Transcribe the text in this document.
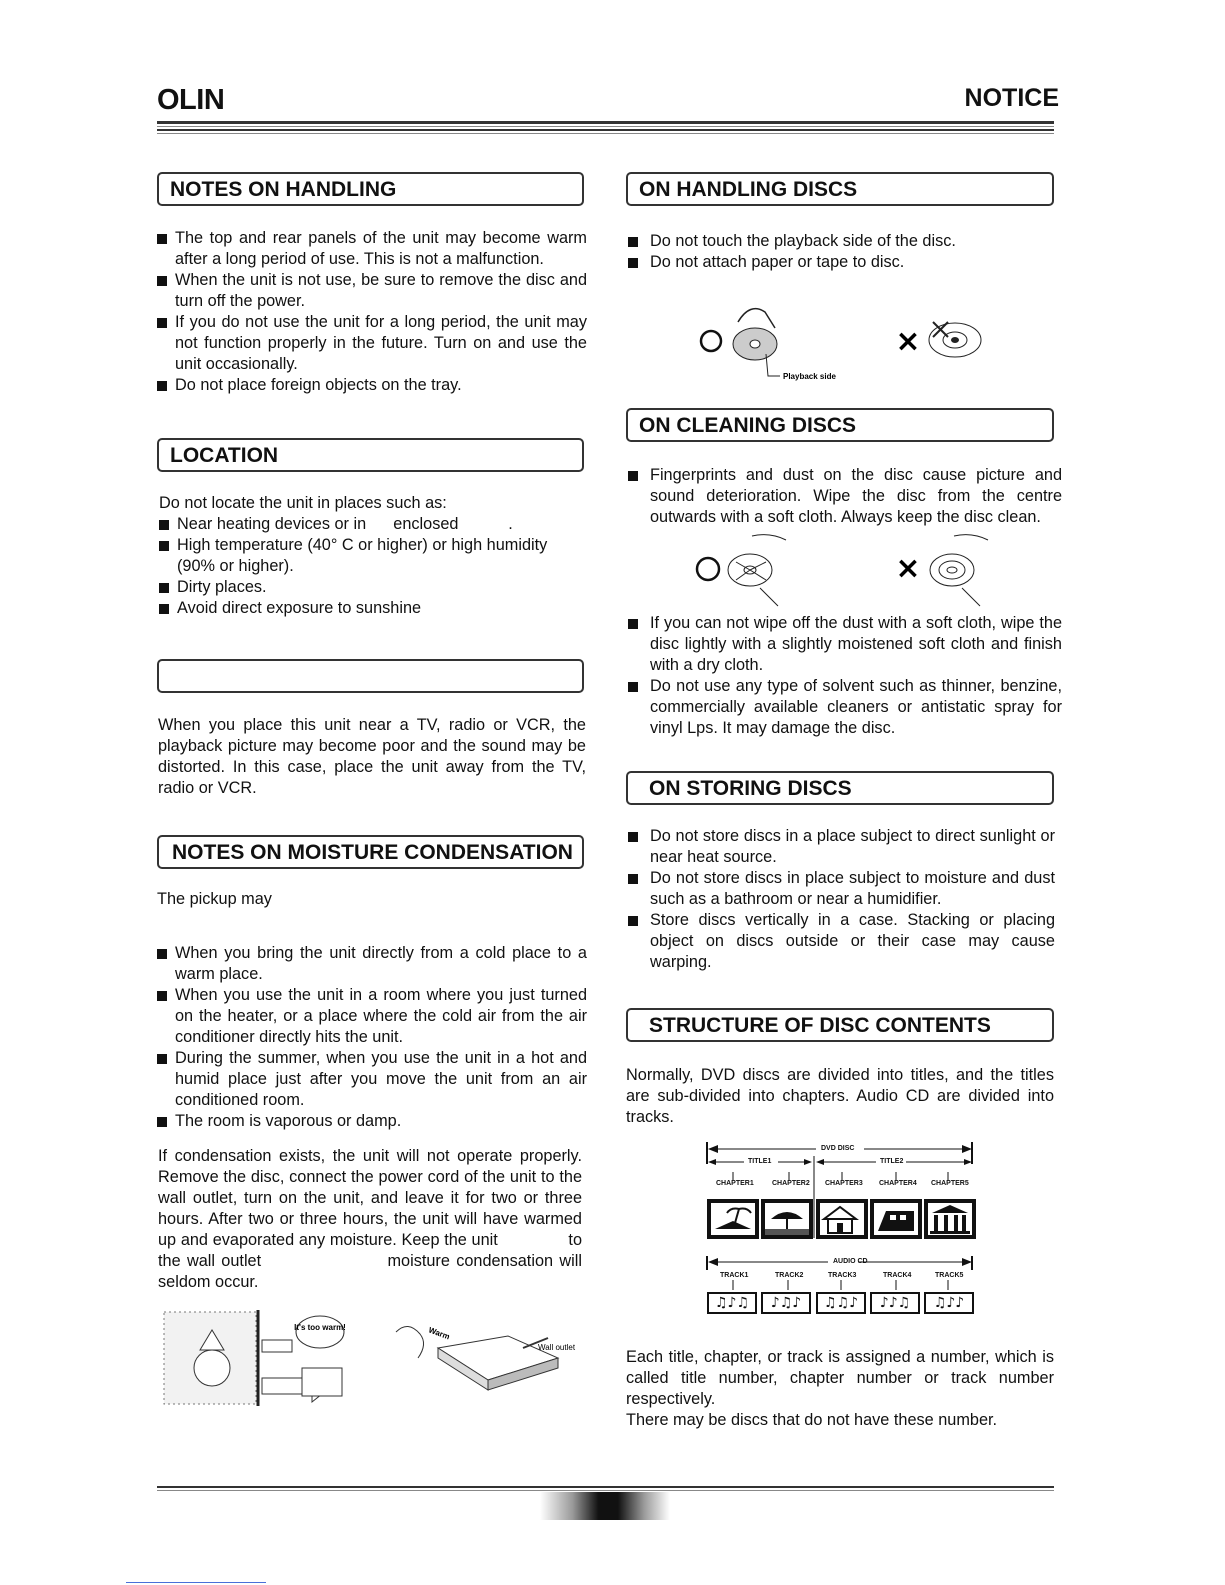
OLIN	NOTICE
NOTES ON HANDLING
The top and rear panels of the unit may become warm after a long period of use. This is not a malfunction.
When the unit is not use, be sure to remove the disc and turn off the power.
If you do not use the unit for a long period, the unit may not function properly in the future. Turn on and use the unit occasionally.
Do not place foreign objects on the tray.
LOCATION
Do not locate the unit in places such as:
Near heating devices or in      enclosed           .
High temperature (40° C or higher) or high humidity (90% or higher).
Dirty places.
Avoid direct exposure to sunshine
When you place this unit near a TV, radio or VCR, the playback picture may become poor and the sound may be distorted. In this case, place the unit away from the TV, radio or VCR.
NOTES ON MOISTURE CONDENSATION
The pickup may
When you bring the unit directly from a cold place to a warm place.
When you use the unit in a room where you just turned on the heater, or a place where the cold air from the air conditioner directly hits the unit.
During the summer, when you use the unit in a hot and humid place just after you move the unit from an air conditioned room.
The room is vaporous or damp.
If condensation exists, the unit will not operate properly. Remove the disc, connect the power cord of the unit to the wall outlet, turn on the unit, and leave it for two or three hours. After two or three hours, the unit will have warmed up and evaporated any moisture. Keep the unit               to the wall outlet                    moisture condensation will seldom occur.
It's too warm!	Warm
Wall outlet
ON HANDLING DISCS
Do not touch the playback side of the disc.
Do not attach paper or tape to disc.
Playback side
×
ON CLEANING DISCS
Fingerprints and dust on the disc cause picture and sound deterioration. Wipe the disc from the centre outwards with a soft cloth. Always keep the disc clean.
×
If you can not wipe off the dust with a soft cloth, wipe the disc lightly with a slightly moistened soft cloth and finish with a dry cloth.
Do not use any type of solvent such as thinner, benzine, commercially available cleaners or antistatic spray for vinyl Lps. It may damage the disc.
ON STORING DISCS
Do not store discs in a place subject to direct sunlight or near heat source.
Do not store discs in place subject to moisture and dust such as a bathroom or near a humidifier.
Store discs vertically in a case. Stacking or placing object on discs outside or their case may cause warping.
STRUCTURE OF DISC CONTENTS
Normally, DVD discs are divided into titles, and the titles are sub-divided into chapters. Audio CD are divided into tracks.
DVD DISC
TITLE1	TITLE2
CHAPTER1	CHAPTER2 CHAPTER3 CHAPTER4 CHAPTER5
AUDIO CD
TRACK1	TRACK2	TRACK3	TRACK4	TRACK5
♫♪♫	♪♫♪	♫♫♪	♪♪♫	♫♪♪
Each title, chapter, or track is assigned a number, which is called title number, chapter number or track number respectively.
There may be discs that do not have these number.
